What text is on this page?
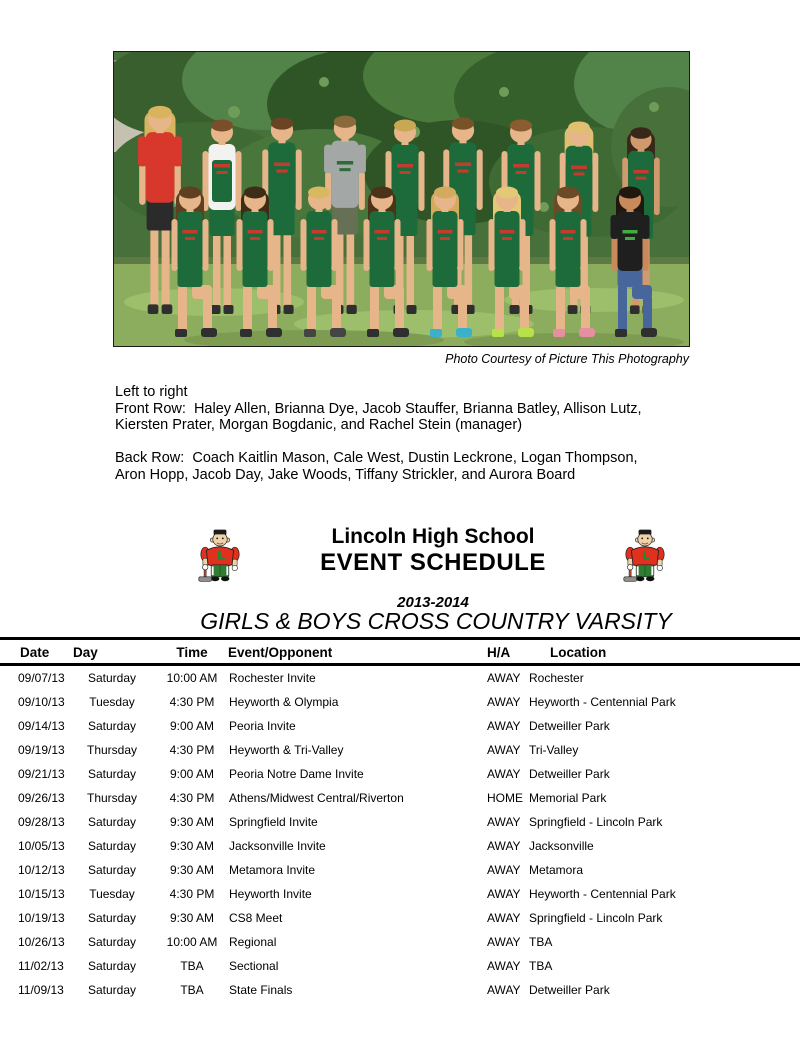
Photo Courtesy of Picture This Photography
Left to right
Front Row:  Haley Allen, Brianna Dye, Jacob Stauffer, Brianna Batley, Allison Lutz,
Kiersten Prater, Morgan Bogdanic, and Rachel Stein (manager)
Back Row:  Coach Kaitlin Mason, Cale West, Dustin Leckrone, Logan Thompson,
Aron Hopp, Jacob Day, Jake Woods, Tiffany Strickler, and Aurora Board
Lincoln High School
EVENT SCHEDULE
2013-2014
GIRLS & BOYS CROSS COUNTRY VARSITY
Date Day	Time	Event/Opponent	H/A	Location
09/07/13	Saturday	10:00 AM Rochester Invite	AWAY Rochester
09/10/13	Tuesday	4:30 PM	Heyworth & Olympia	AWAY Heyworth - Centennial Park
09/14/13	Saturday	9:00 AM	Peoria Invite	AWAY Detweiller Park
09/19/13	Thursday	4:30 PM	Heyworth & Tri-Valley	AWAY Tri-Valley
09/21/13	Saturday	9:00 AM	Peoria Notre Dame Invite	AWAY Detweiller Park
09/26/13	Thursday	4:30 PM	Athens/Midwest Central/Riverton	HOME Memorial Park
09/28/13	Saturday	9:30 AM	Springfield Invite	AWAY Springfield - Lincoln Park
10/05/13	Saturday	9:30 AM	Jacksonville Invite	AWAY Jacksonville
10/12/13	Saturday	9:30 AM	Metamora Invite	AWAY Metamora
10/15/13	Tuesday	4:30 PM	Heyworth Invite	AWAY Heyworth - Centennial Park
10/19/13	Saturday	9:30 AM	CS8 Meet	AWAY Springfield - Lincoln Park
10/26/13	Saturday	10:00 AM Regional	AWAY TBA
11/02/13	Saturday	TBA	Sectional	AWAY TBA
11/09/13	Saturday	TBA	State Finals	AWAY Detweiller Park
